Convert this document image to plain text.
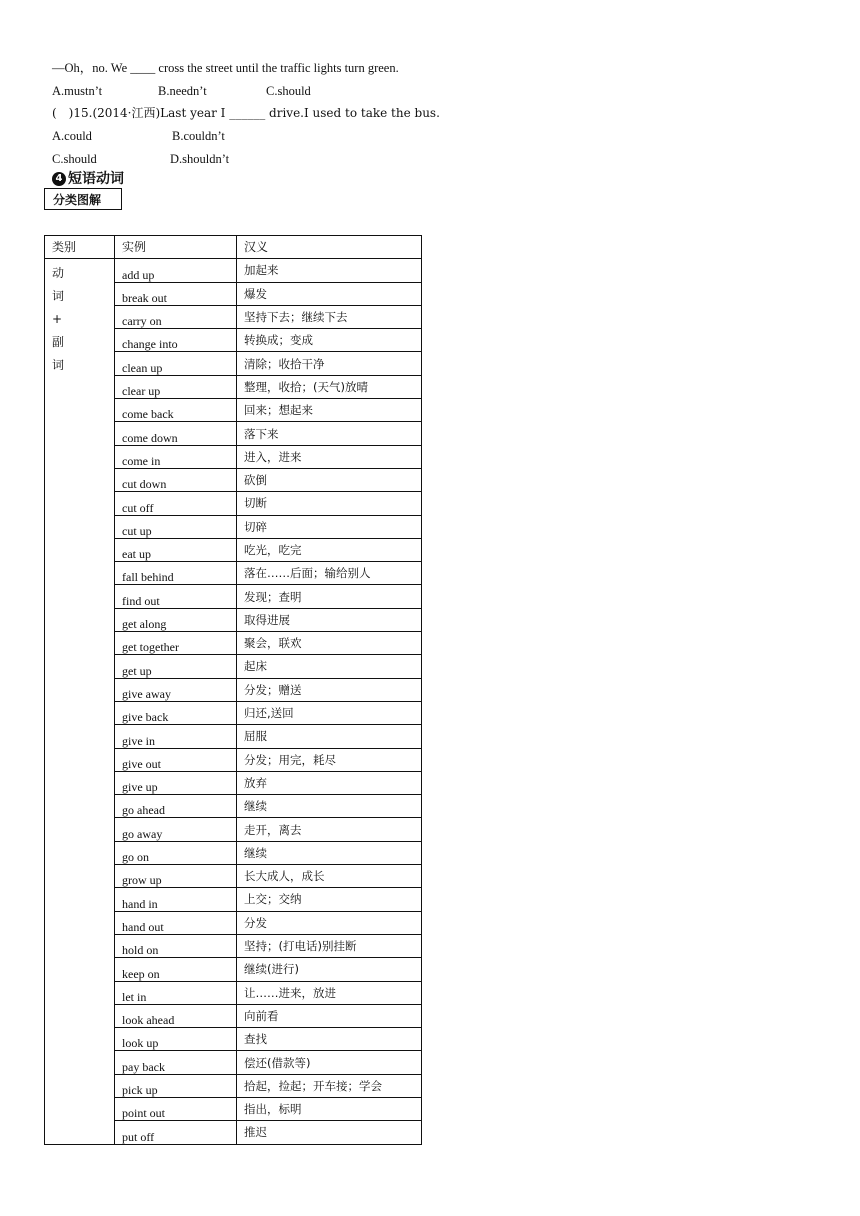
—Oh，no. We ____ cross the street until the traffic lights turn green.
A.mustn’t	B.needn’t	C.should
(　)15.(2014·江西)Last year I ______ drive.I used to take the bus.
A.could	B.couldn’t
C.should	D.shouldn’t
4 短语动词
分类图解
类别	实例	汉义

动
词
+
副
词	add up	加起来
	break out	爆发
	carry on	坚持下去；继续下去
	change into	转换成；变成
	clean up	清除；收拾干净
	clear up	整理，收拾；(天气)放晴
	come back	回来；想起来
	come down	落下来
	come in	进入，进来
	cut down	砍倒
	cut off	切断
	cut up	切碎
	eat up	吃光，吃完
	fall behind	落在……后面；输给别人
	find out	发现；查明
	get along	取得进展
	get together	聚会，联欢
	get up	起床
	give away	分发；赠送
	give back	归还,送回
	give in	屈服
	give out	分发；用完，耗尽
	give up	放弃
	go ahead	继续
	go away	走开，离去
	go on	继续
	grow up	长大成人，成长
	hand in	上交；交纳
	hand out	分发
	hold on	坚持；(打电话)别挂断
	keep on	继续(进行)
	let in	让……进来，放进
	look ahead	向前看
	look up	查找
	pay back	偿还(借款等)
	pick up	拾起，捡起；开车接；学会
	point out	指出，标明
	put off	推迟
